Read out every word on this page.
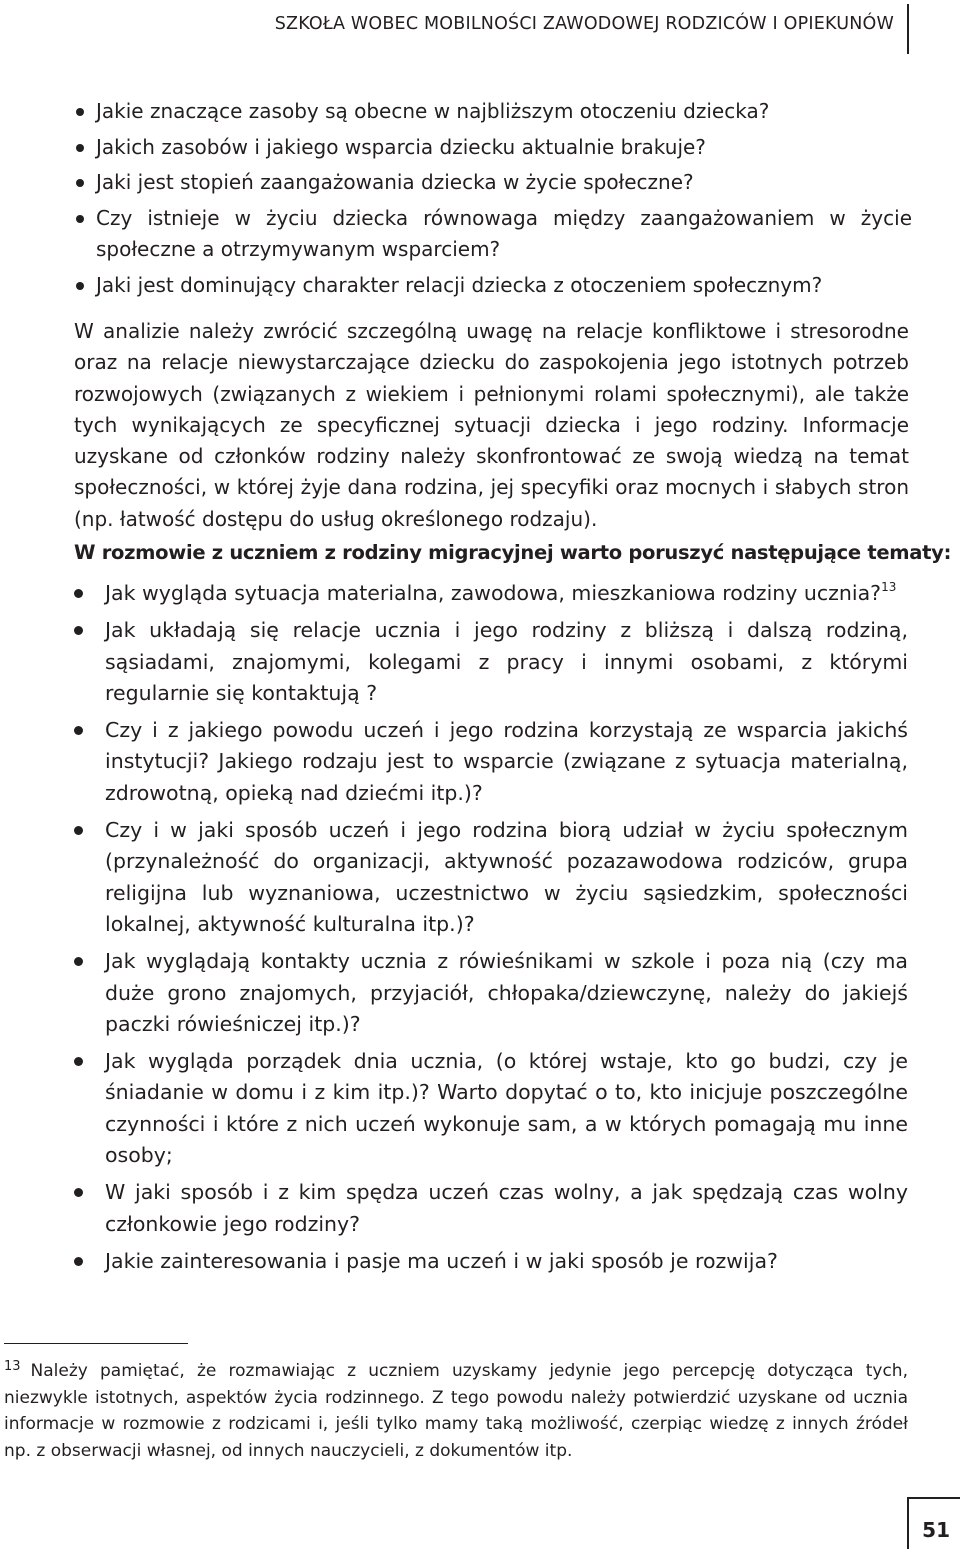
SZKOŁA WOBEC MOBILNOŚCI ZAWODOWEJ RODZICÓW I OPIEKUNÓW
Jakie znaczące zasoby są obecne w najbliższym otoczeniu dziecka?
Jakich zasobów i jakiego wsparcia dziecku aktualnie brakuje?
Jaki jest stopień zaangażowania dziecka w życie społeczne?
Czy istnieje w życiu dziecka równowaga między zaangażowaniem w życie społeczne a otrzymywanym wsparciem?
Jaki jest dominujący charakter relacji dziecka z otoczeniem społecznym?

W analizie należy zwrócić szczególną uwagę na relacje konfliktowe i stresorodne oraz na relacje niewystarczające dziecku do zaspokojenia jego istotnych potrzeb rozwojowych (związanych z wiekiem i pełnionymi rolami społecznymi), ale także tych wynikających ze specyficznej sytuacji dziecka i jego rodziny. Informacje uzyskane od członków rodziny należy skonfrontować ze swoją wiedzą na temat społeczności, w której żyje dana rodzina, jej specyfiki oraz mocnych i słabych stron (np. łatwość dostępu do usług określonego rodzaju).

W rozmowie z uczniem z rodziny migracyjnej warto poruszyć następujące tematy:

Jak wygląda sytuacja materialna, zawodowa, mieszkaniowa rodziny ucznia?$^{13}$
Jak układają się relacje ucznia i jego rodziny z bliższą i dalszą rodziną, sąsiadami, znajomymi, kolegami z pracy i innymi osobami, z którymi regularnie się kontaktują ?
Czy i z jakiego powodu uczeń i jego rodzina korzystają ze wsparcia jakichś instytucji? Jakiego rodzaju jest to wsparcie (związane z sytuacja materialną, zdrowotną, opieką nad dziećmi itp.)?
Czy i w jaki sposób uczeń i jego rodzina biorą udział w życiu społecznym (przynależność do organizacji, aktywność pozazawodowa rodziców, grupa religijna lub wyznaniowa, uczestnictwo w życiu sąsiedzkim, społeczności lokalnej, aktywność kulturalna itp.)?
Jak wyglądają kontakty ucznia z rówieśnikami w szkole i poza nią (czy ma duże grono znajomych, przyjaciół, chłopaka/dziewczynę, należy do jakiejś paczki rówieśniczej itp.)?
Jak wygląda porządek dnia ucznia, (o której wstaje, kto go budzi, czy je śniadanie w domu i z kim itp.)? Warto dopytać o to, kto inicjuje poszczególne czynności i które z nich uczeń wykonuje sam, a w których pomagają mu inne osoby;
W jaki sposób i z kim spędza uczeń czas wolny, a jak spędzają czas wolny członkowie jego rodziny?
Jakie zainteresowania i pasje ma uczeń i w jaki sposób je rozwija?

$^{13}$ Należy pamiętać, że rozmawiając z uczniem uzyskamy jedynie jego percepcję dotycząca tych, niezwykle istotnych, aspektów życia rodzinnego. Z tego powodu należy potwierdzić uzyskane od ucznia informacje w rozmowie z rodzicami i, jeśli tylko mamy taką możliwość, czerpiąc wiedzę z innych źródeł np. z obserwacji własnej, od innych nauczycieli, z dokumentów itp.

51
